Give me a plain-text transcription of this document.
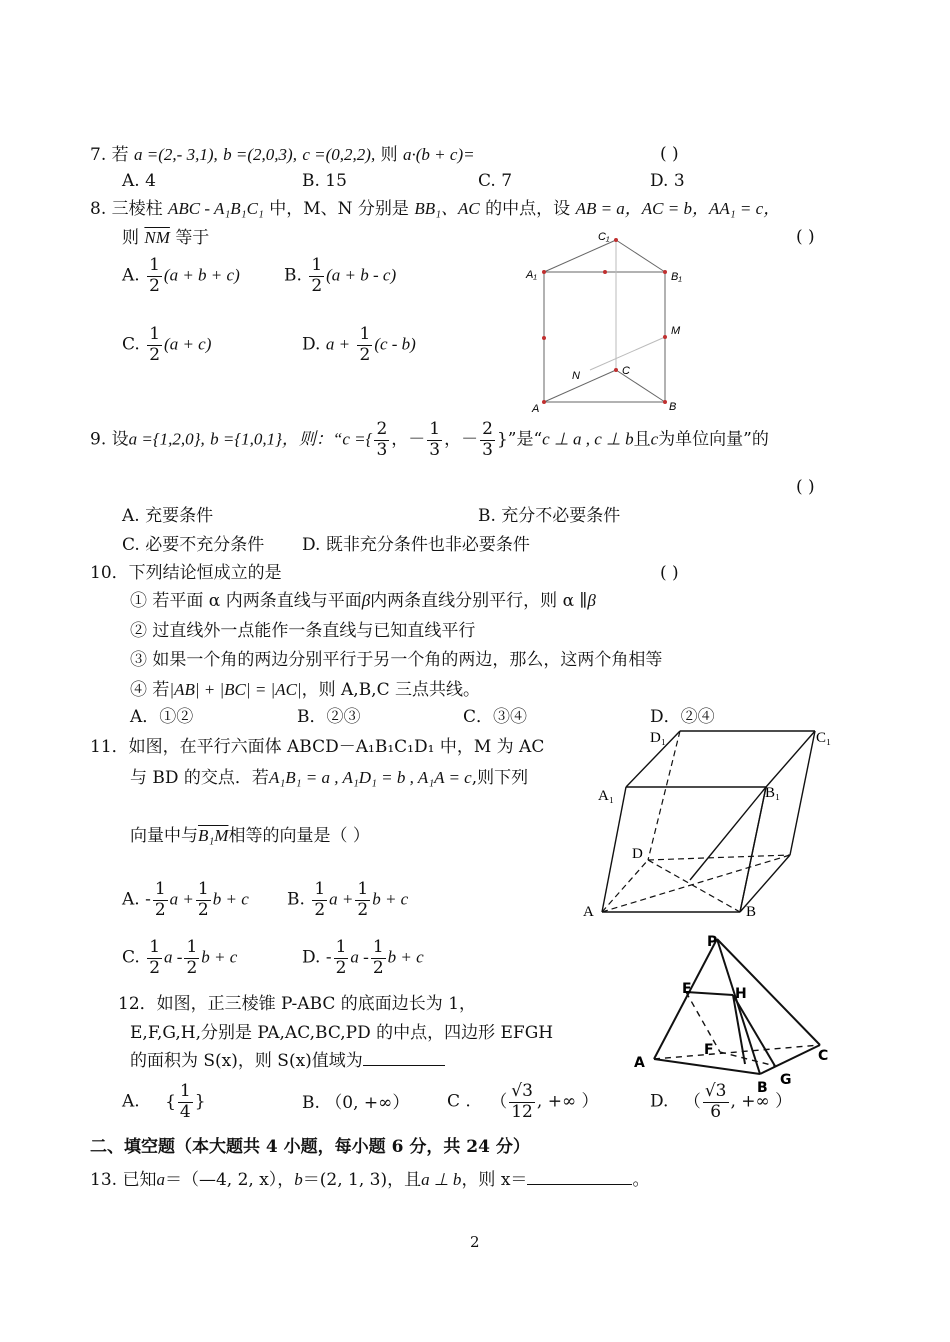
7. 若 a =(2,- 3,1), b =(2,0,3), c =(0,2,2), 则 a·(b + c)=	( )
A. 4	B. 15	C. 7	D. 3
8. 三棱柱 ABC - A₁B₁C₁ 中，M、N 分别是 BB₁、AC 的中点，设 AB = a，AC = b，AA₁ = c，
则 $\overline{NM}$ 等于	( )
A. $\frac{1}{2} (a + b + c)$	B. $\frac{1}{2} (a + b - c)$
C. $\frac{1}{2} (a + c)$	D. $a + \frac{1}{2} (c - b)$
C₁
A₁	B₁
M
N	C
A	B
9. 设a ={1,2,0}, b ={1,0,1}，则：“c ={ $\frac{2}{3}$ ，－ $\frac{1}{3}$ ，－ $\frac{2}{3}$ }”是“c ⊥ a , c ⊥ b且c为单位向量”的
( )
A. 充要条件	B. 充分不必要条件
C. 必要不充分条件 D. 既非充分条件也非必要条件
10．下列结论恒成立的是	( )
① 若平面 α 内两条直线与平面β内两条直线分别平行，则 α ∥β
② 过直线外一点能作一条直线与已知直线平行
③ 如果一个角的两边分别平行于另一个角的两边，那么，这两个角相等
④ 若|AB| + |BC| = |AC|，则 A,B,C 三点共线。
A．①②	B．②③	C．③④	D．②④
11．如图，在平行六面体 ABCD－A₁B₁C₁D₁ 中，M 为 AC
与 BD 的交点．若A₁B₁ = a , A₁D₁ = b , A₁A = c,则下列
向量中与B₁M相等的向量是（ ）
A. - $\frac{1}{2}$ $a + \frac{1}{2}$ b + c B. $\frac{1}{2}$ $a + \frac{1}{2}$ b + c
C. $\frac{1}{2}$ a - $\frac{1}{2}$ b + c	D. - $\frac{1}{2}$ a - $\frac{1}{2}$ b + c
D₁	C₁
A₁	B₁
D
A	B
12．如图，正三棱锥 P-ABC 的底面边长为 1，
E,F,G,H,分别是 PA,AC,BC,PD 的中点，四边形 EFGH
的面积为 S(x)，则 S(x)值域为
A. { $\frac{1}{4}$ }	B. （0, +∞） C . （ $\frac{√3}{12}$ , +∞ ）	D. （ $\frac{√3}{6}$ , +∞ ）
P
E	H
F
A
B G
C
二、填空题（本大题共 4 小题，每小题 6 分，共 24 分）
13. 已知a＝（—4, 2, x），b＝(2, 1, 3)，且a ⊥ b，则 x＝	。
2
